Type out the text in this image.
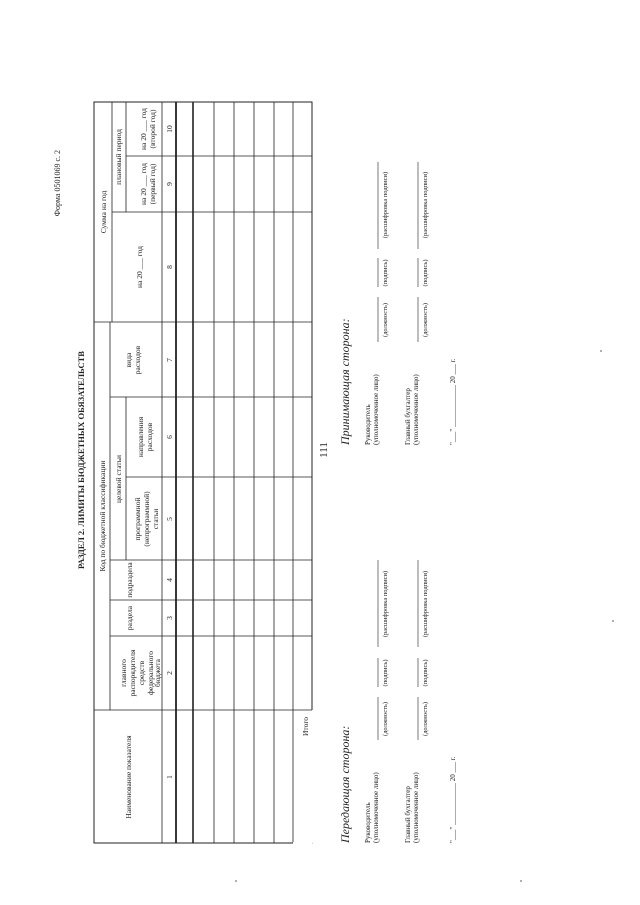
111
Форма 0501069 с. 2
РАЗДЕЛ 2. ЛИМИТЫ БЮДЖЕТНЫХ ОБЯЗАТЕЛЬСТВ
Наименование показателя
Код по бюджетной классификации
главного распорядителя средств федерального
бюджета
раздела
подраздела
целевой статьи
программной (непрограммной) статьи
направления расходов
вида расходов
Сумма на год
плановый период
на 20 ___ год
на 20 ___ год (первый год)
на 20 ___ год (второй год)
1
2
3
4
5
6
7
8
9
10
Итого Передающая сторона: Руководитель (уполномоченное лицо)
(должность)
(подпись)
(расшифровка подписи)
Главный бухгалтер (уполномоченное лицо)
(должность)
(подпись)
(расшифровка подписи)
"___" ____________ 20 ___ г.
Принимающая сторона: Руководитель (уполномоченное лицо)
(должность)
(подпись)
(расшифровка подписи)
Главный бухгалтер (уполномоченное лицо)
(должность)
(подпись)
(расшифровка подписи)
"___" ____________ 20 ___ г.
